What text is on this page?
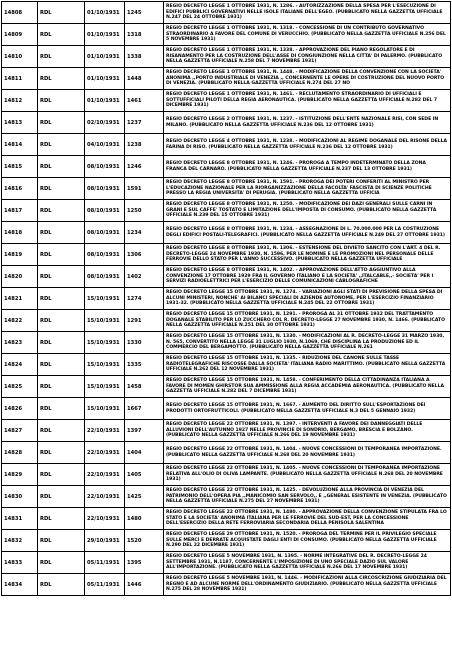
14808	RDL	01/10/1931	1245	REGIO DECRETO LEGGE 1 OTTOBRE 1931, N. 1286. - AUTORIZZAZIONE DELLA SPESA PER L'ESECUZIONE DI EDIFICI PUBBLICI GOVERNATIVI NELLE ISOLE ITALIANE DELL'EGEO. (PUBBLICATO NELLA GAZZETTA UFFICIALE N.247 DEL 24 OTTOBRE 1931)
14809	RDL	01/10/1931	1318	REGIO DECRETO LEGGE 1 OTTOBRE 1931, N. 1318. - CONCESSIONE DI UN CONTRIBUTO GOVERNATIVO STRAORDINARIO A FAVORE DEL COMUNE DI VERUCCHIO. (PUBBLICATO NELLA GAZZETTA UFFICIALE N.256 DEL 5 NOVEMBRE 1931)
14810	RDL	01/10/1931	1338	REGIO DECRETO LEGGE 1 OTTOBRE 1931, N. 1338. - APPROVAZIONE DEL PIANO REGOLATORE E DI RISANAMENTO PER LA COSTRUZIONE DELL'ASSE DI CONGIUNZIONE NELLA CITTA' DI PALERMO. (PUBBLICATO NELLA GAZZETTA UFFICIALE N.258 DEL 7 NOVEMBRE 1931)
14811	RDL	01/10/1931	1448	REGIO DECRETO LEGGE 1 OTTOBRE 1931, N. 1448. - MODIFICAZIONE DELLA CONVENZIONE CON LA SOCIETA' ANONIMA ,,PORTO INDUSTRIALE DI VENEZIA ,, CONCERNENTE LE OPERE DI COSTRUZIONE DEL NUOVO PORTO DI VENEZIA. (PUBBLICATO NELLA GAZZETTA UFFICIALE N.274 DEL 27 NO
14812	RDL	01/10/1931	1461	REGIO DECRETO LEGGE 1 OTTOBRE 1931, N. 1461. - RECLUTAMENTO STRAORDINARIO DI UFFICIALI E SOTTUFFICIALI PILOTI DELLA REGIA AERONAUTICA. (PUBBLICATO NELLA GAZZETTA UFFICIALE N.282 DEL 7 DICEMBRE 1931)
14813	RDL	02/10/1931	1237	REGIO DECRETO LEGGE 2 OTTOBRE 1931, N. 1237. - ISTITUZIONE DELL'ENTE NAZIONALE RISI, CON SEDE IN MILANO. (PUBBLICATO NELLA GAZZETTA UFFICIALE N.236 DEL 12 OTTOBRE 1931)
14814	RDL	04/10/1931	1238	REGIO DECRETO LEGGE 4 OTTOBRE 1931, N. 1238. - MODIFICAZIONI AL REGIME DOGANALE DEL RISONE DELLA FARINA DI RISO. (PUBBLICATO NELLA GAZZETTA UFFICIALE N.236 DEL 12 OTTOBRE 1931)
14815	RDL	08/10/1931	1246	REGIO DECRETO LEGGE 8 OTTOBRE 1931, N. 1246. - PROROGA A TEMPO INDETERMINATO DELLA ZONA FRANCA DEL CARNARO. (PUBBLICATO NELLA GAZZETTA UFFICIALE N.237 DEL 13 OTTOBRE 1931)
14816	RDL	08/10/1931	1591	REGIO DECRETO LEGGE 8 OTTOBRE 1931, N. 1591. - PROROGA DEI POTERI CONFERITI AL MINISTRO PER L'EDUCAZIONE NAZIONALE PER LA RIORGANIZZAZIONE DELLA FACOLTA' FASCISTA DI SCIENZE POLITICHE PRESSO LA REGIA UNIVERSITA' DI PERUGIA. (PUBBLICATO NELLA GAZZETTA UFFICIA
14817	RDL	08/10/1931	1250	REGIO DECRETO LEGGE 8 OTTOBRE 1931, N. 1250. - MODIFICAZIONE DEI DAZI GENERALI SULLE CARNI IN GRANI E SUL CAFFE' TOSTATO E LIMITAZIONE DELL'IMPOSTA DI CONSUMO. (PUBBLICATO NELLA GAZZETTA UFFICIALE N.239 DEL 15 OTTOBRE 1931)
14818	RDL	08/10/1931	1234	REGIO DECRETO LEGGE 8 OTTOBRE 1931, N. 1234. - ASSEGNAZIONE DI L. 70.000.000 PER LA COSTRUZIONE DEGLI EDIFICI POSTALI-TELEGRAFICI. (PUBBLICATO NELLA GAZZETTA UFFICIALE N.249 DEL 27 OTTOBRE 1931)
14819	RDL	08/10/1931	1306	REGIO DECRETO LEGGE 8 OTTOBRE 1931, N. 1306. - ESTENSIONE DEL DIVIETO SANCITO CON L'ART. 4 DEL R. DECRETO-LEGGE 24 NOVEMBRE 1930, N. 1596, PER LE NOMINE E LE PROMOZIONI NEL PERSONALE DELLE FERROVIE DELLO STATO PER L'ANNO SUCCESSIVO. (PUBBLICATO NELLA GAZZETTA UFFICIALE
14820	RDL	08/10/1931	1402	REGIO DECRETO LEGGE 8 OTTOBRE 1931, N. 1402. - APPROVAZIONE DELL'ATTO AGGIUNTIVO ALLA CONVENZIONE 17 OTTOBRE 1929 FRA IL GOVERNO ITALIANO E LA SOCIETA' ,,ITALCABLE,,- SOCIETA' PER I SERVIZI RADIOELETTRICI PER L'ESERCIZIO DELLE COMUNICAZIONI CABLOGRAFICHE
14821	RDL	15/10/1931	1274	REGIO DECRETO LEGGE 15 OTTOBRE 1931, N. 1274. - VARIAZIONI AGLI STATI DI PREVISIONE DELLA SPESA DI ALCUNI MINISTERI, NONCHE' AI BILANCI SPECIALI DI AZIENDE AUTONOME, PER L'ESERCIZIO FINANZIARIO 1931-32. (PUBBLICATO NELLA GAZZETTA UFFICIALE N.245 DEL 22 OTTOBRE 1931)
14822	RDL	15/10/1931	1291	REGIO DECRETO LEGGE 15 OTTOBRE 1931, N. 1291. - PROROGA AL 31 OTTOBRE 1932 DEL TRATTAMENTO DOGANALE STABILITO PER LO ZUCCHERO COL R. DECRETO-LEGGE 27 NOVEMBRE 1930, N. 1466. (PUBBLICATO NELLA GAZZETTA UFFICIALE N.251 DEL 30 OTTOBRE 1931)
14823	RDL	15/10/1931	1330	REGIO DECRETO LEGGE 15 OTTOBRE 1931, N. 1330. - MODIFICAZIONI AL R. DECRETO-LEGGE 31 MARZO 1930, N. 565, CONVERTITO NELLA LEGGE 31 LUGLIO 1930, N.1069, CHE DISCIPLINA LA PRODUZIONE ED IL COMMERCIO DEL BERGAMOTTO. (PUBBLICATO NELLA GAZZETTA UFFICIALE N.261
14824	RDL	15/10/1931	1335	REGIO DECRETO LEGGE 15 OTTOBRE 1931, N. 1335. - RIDUZIONE DEL CANONE SULLE TASSE RADIOTELEGRAFICHE RISCOSSE DALLA SOCIETA' ITALIANA RADIO MARITTIMO. (PUBBLICATO NELLA GAZZETTA UFFICIALE N.262 DEL 12 NOVEMBRE 1931)
14825	RDL	15/10/1931	1458	REGIO DECRETO LEGGE 15 OTTOBRE 1931, N. 1458. - CONFERIMENTO DELLA CITTADINANZA ITALIANA A FAVORE DI MOMEN GHIRSTOR SUA AMMISSIONE ALLA REGIA ACCADEMIA AERONAUTICA. (PUBBLICATO NELLA GAZZETTA UFFICIALE N.282 DEL 7 DICEMBRE 1931)
14826	RDL	15/10/1931	1667	REGIO DECRETO LEGGE 15 OTTOBRE 1931, N. 1667. - AUMENTO DEL DIRITTO SULL'ESPORTAZIONE DEI PRODOTTI ORTOFRUTTICOLI. (PUBBLICATO NELLA GAZZETTA UFFICIALE N.3 DEL 5 GENNAIO 1932)
14827	RDL	22/10/1931	1397	REGIO DECRETO LEGGE 22 OTTOBRE 1931, N. 1397. - INTERVENTI A FAVORE DEI DANNEGGIATI DELLE ALLUVIONI DELL'AUTUNNO 1927 NELLE PROVINCIE DI SONDRIO, BERGAMO, BRESCIA E BOLZANO. (PUBBLICATO NELLA GAZZETTA UFFICIALE N.266 DEL 19 NOVEMBRE 1931)
14828	RDL	22/10/1931	1404	REGIO DECRETO LEGGE 22 OTTOBRE 1931, N. 1404. - NUOVE CONCESSIONI DI TEMPORANEA IMPORTAZIONE. (PUBBLICATO NELLA GAZZETTA UFFICIALE N.268 DEL 20 NOVEMBRE 1931)
14829	RDL	22/10/1931	1405	REGIO DECRETO LEGGE 22 OTTOBRE 1931, N. 1405. - NUOVE CONCESSIONI DI TEMPORANEA IMPORTAZIONE RELATIVA ALL'OLIO DI OLIVA LAMPANTE. (PUBBLICATO NELLA GAZZETTA UFFICIALE N.268 DEL 20 NOVEMBRE 1931)
14830	RDL	22/10/1931	1425	REGIO DECRETO LEGGE 22 OTTOBRE 1931, N. 1425. - DEVOLUZIONE ALLA PROVINCIA DI VENEZIA DEL PATRIMONIO DELL'OPERA PIA ,,MANICOMIO SAN SERVOLO,, E ,,GENERAL ESISTENTE IN VENEZIA. (PUBBLICATO NELLA GAZZETTA UFFICIALE N.275 DEL 27 NOVEMBRE 1931)
14831	RDL	22/10/1931	1480	REGIO DECRETO LEGGE 22 OTTOBRE 1931, N. 1480. - APPROVAZIONE DELLA CONVENZIONE STIPULATA FRA LO STATO E LA SOCIETA' ANONIMA ITALIANA PER LE FERROVIE DEL SUD-EST, PER LA CONCESSIONE DELL'ESERCIZIO DELLA RETE FERROVIARIA SECONDARIA DELLA PENISOLA SALENTINA
14832	RDL	29/10/1931	1520	REGIO DECRETO LEGGE 29 OTTOBRE 1931, N. 1520. - PROROGA DEL TERMINE PER IL PRIVILEGIO SPECIALE SULLE MERCI E DERRATE ACQUISTATE DAGLI ENTI DI CONSUMO. (PUBBLICATO NELLA GAZZETTA UFFICIALE N.290 DEL 22 DICEMBRE 1931)
14833	RDL	05/11/1931	1395	REGIO DECRETO LEGGE 5 NOVEMBRE 1931, N. 1395. - NORME INTEGRATIVE DEL R. DECRETO-LEGGE 24 SETTEMBRE 1931, N.1187, CONCERNENTE L'IMPOSIZIONE DI UNO SPECIALE DAZIO SUL VALORE ALL'IMPORTAZIONE. (PUBBLICATO NELLA GAZZETTA UFFICIALE N.266 DEL 17 NOVEMBRE 1931)
14834	RDL	05/11/1931	1446	REGIO DECRETO LEGGE 5 NOVEMBRE 1931, N. 1446. - MODIFICAZIONI ALLA CIRCOSCRIZIONE GIUDIZIARIA DEL REGNO E AD ALCUNE NORME DELL'ORDINAMENTO GIUDIZIARIO. (PUBBLICATO NELLA GAZZETTA UFFICIALE N.275 DEL 28 NOVEMBRE 1931)
